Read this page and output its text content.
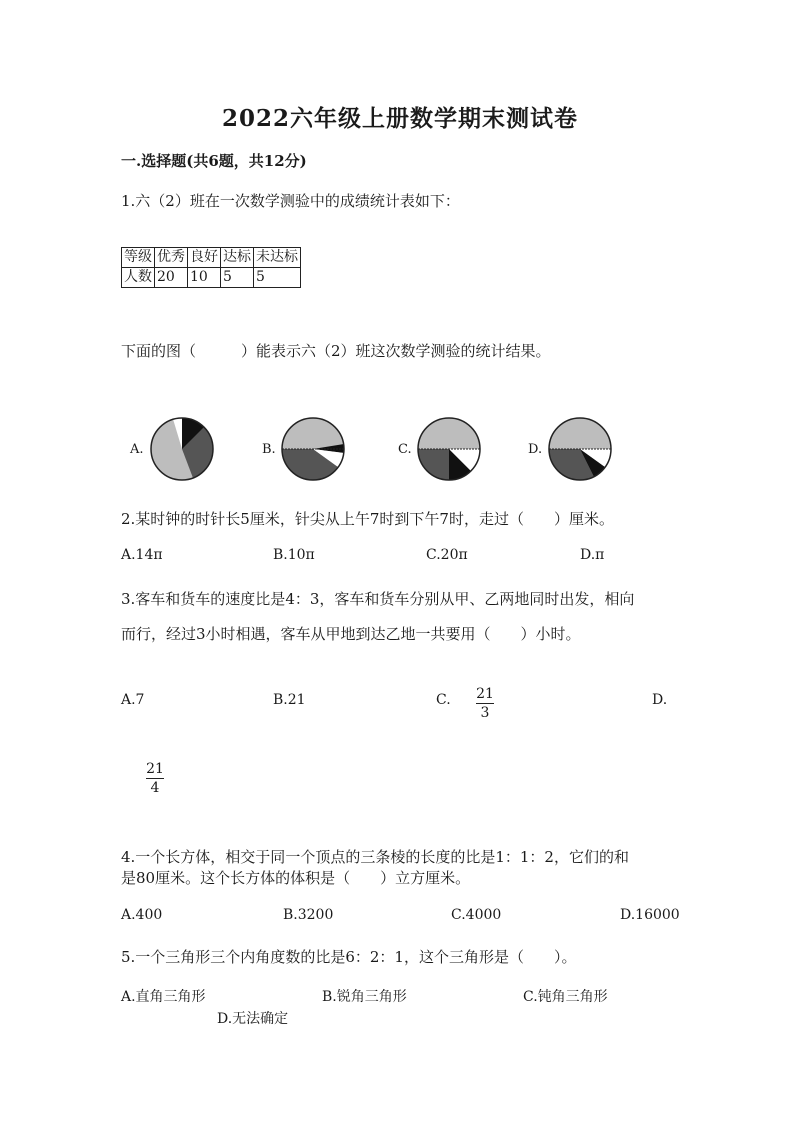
2022六年级上册数学期末测试卷
一.选择题(共6题，共12分)
1.六（2）班在一次数学测验中的成绩统计表如下：
等级	优秀	良好	达标	未达标
人数	20	10	5	5
下面的图（　　　）能表示六（2）班这次数学测验的统计结果。
A.	B.	C.	D.
2.某时钟的时针长5厘米，针尖从上午7时到下午7时，走过（　　）厘米。
A.14π	B.10π	C.20π	D.π
3.客车和货车的速度比是4：3，客车和货车分别从甲、乙两地同时出发，相向
而行，经过3小时相遇，客车从甲地到达乙地一共要用（　　）小时。
A.7	B.21	C. 21
3
D.
21
4
4.一个长方体，相交于同一个顶点的三条棱的长度的比是1：1：2，它们的和
是80厘米。这个长方体的体积是（　　）立方厘米。
A.400	B.3200	C.4000	D.16000
5.一个三角形三个内角度数的比是6：2：1，这个三角形是（　　）。
A.直角三角形	B.锐角三角形	C.钝角三角形
D.无法确定
